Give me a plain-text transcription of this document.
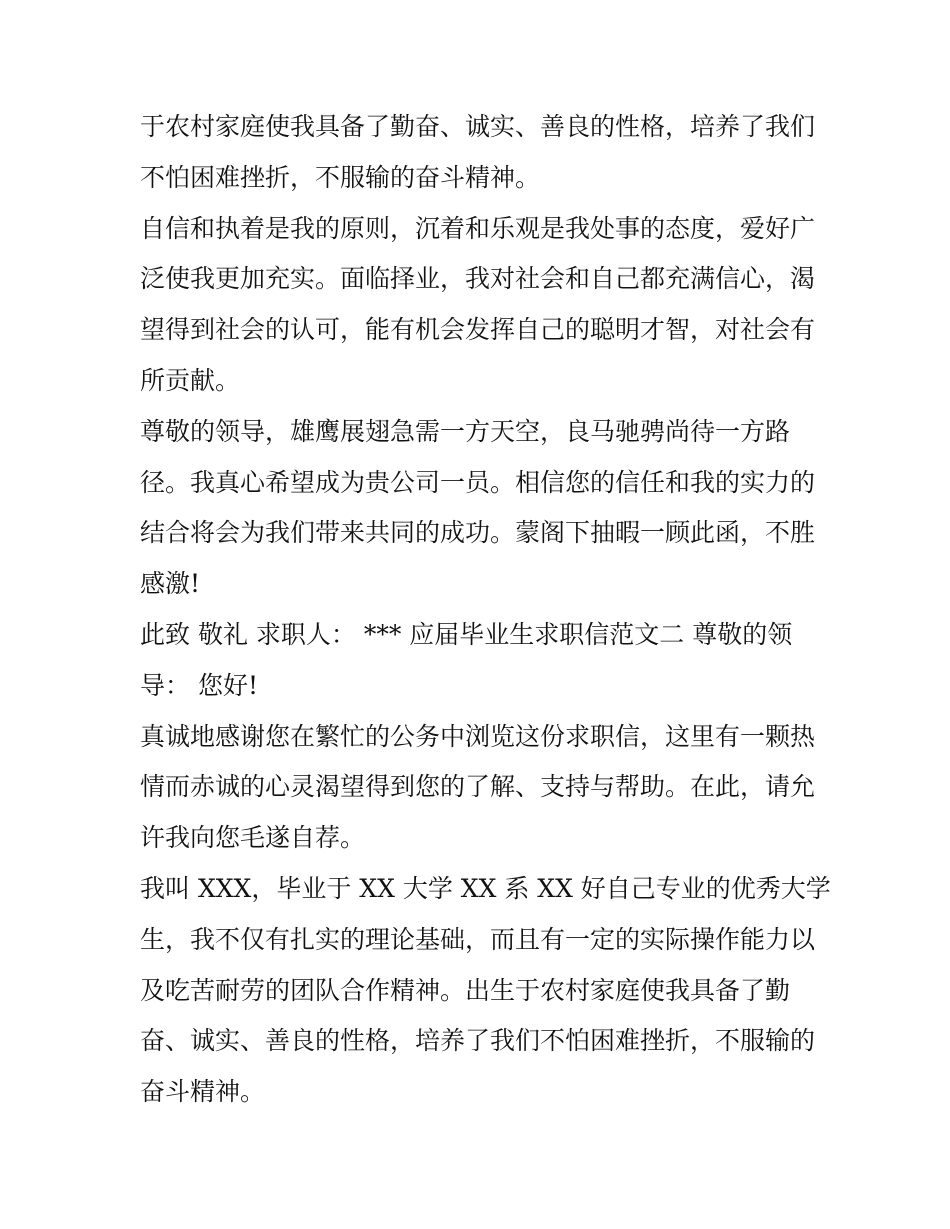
于农村家庭使我具备了勤奋、诚实、善良的性格，培养了我们
不怕困难挫折，不服输的奋斗精神。
自信和执着是我的原则，沉着和乐观是我处事的态度，爱好广
泛使我更加充实。面临择业，我对社会和自己都充满信心，渴
望得到社会的认可，能有机会发挥自己的聪明才智，对社会有
所贡献。
尊敬的领导，雄鹰展翅急需一方天空，良马驰骋尚待一方路
径。我真心希望成为贵公司一员。相信您的信任和我的实力的
结合将会为我们带来共同的成功。蒙阁下抽暇一顾此函，不胜
感激!
此致 敬礼 求职人： *** 应届毕业生求职信范文二 尊敬的领
导： 您好!
真诚地感谢您在繁忙的公务中浏览这份求职信，这里有一颗热
情而赤诚的心灵渴望得到您的了解、支持与帮助。在此，请允
许我向您毛遂自荐。
我叫 XXX，毕业于 XX 大学 XX 系 XX 好自己专业的优秀大学
生，我不仅有扎实的理论基础，而且有一定的实际操作能力以
及吃苦耐劳的团队合作精神。出生于农村家庭使我具备了勤
奋、诚实、善良的性格，培养了我们不怕困难挫折，不服输的
奋斗精神。
